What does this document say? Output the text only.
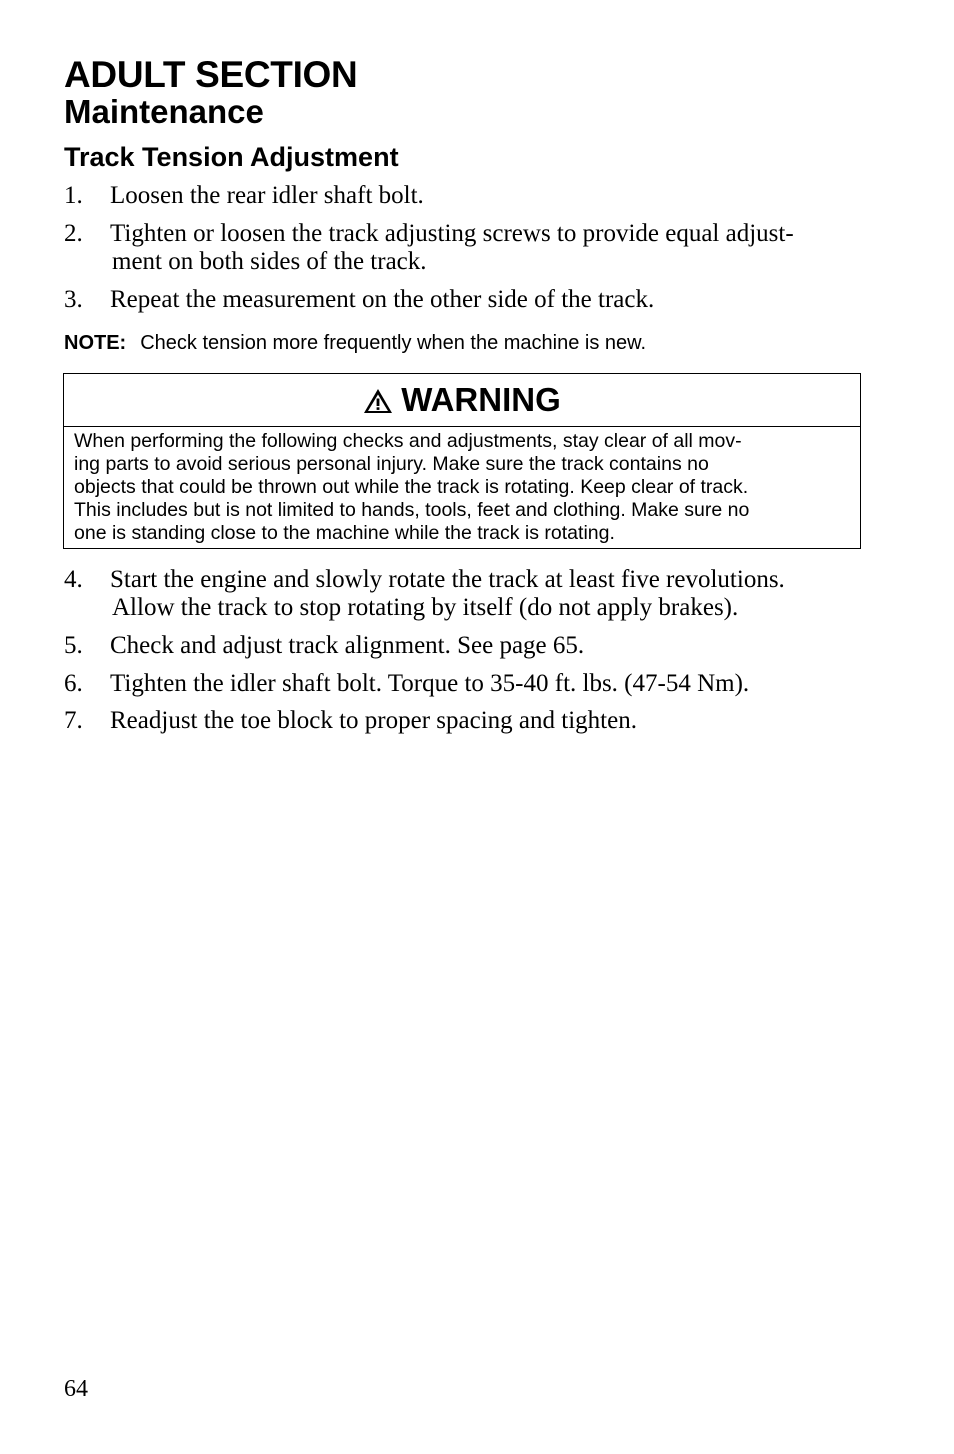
ADULT SECTION
Maintenance
Track Tension Adjustment
1. Loosen the rear idler shaft bolt.
2. Tighten or loosen the track adjusting screws to provide equal adjust-
ment on both sides of the track.
3. Repeat the measurement on the other side of the track.
NOTE: Check tension more frequently when the machine is new.
WARNING
When performing the following checks and adjustments, stay clear of all mov-
ing parts to avoid serious personal injury. Make sure the track contains no
objects that could be thrown out while the track is rotating. Keep clear of track.
This includes but is not limited to hands, tools, feet and clothing. Make sure no
one is standing close to the machine while the track is rotating.
4. Start the engine and slowly rotate the track at least five revolutions.
Allow the track to stop rotating by itself (do not apply brakes).
5. Check and adjust track alignment. See page 65.
6. Tighten the idler shaft bolt. Torque to 35-40 ft. lbs. (47-54 Nm).
7. Readjust the toe block to proper spacing and tighten.
64
